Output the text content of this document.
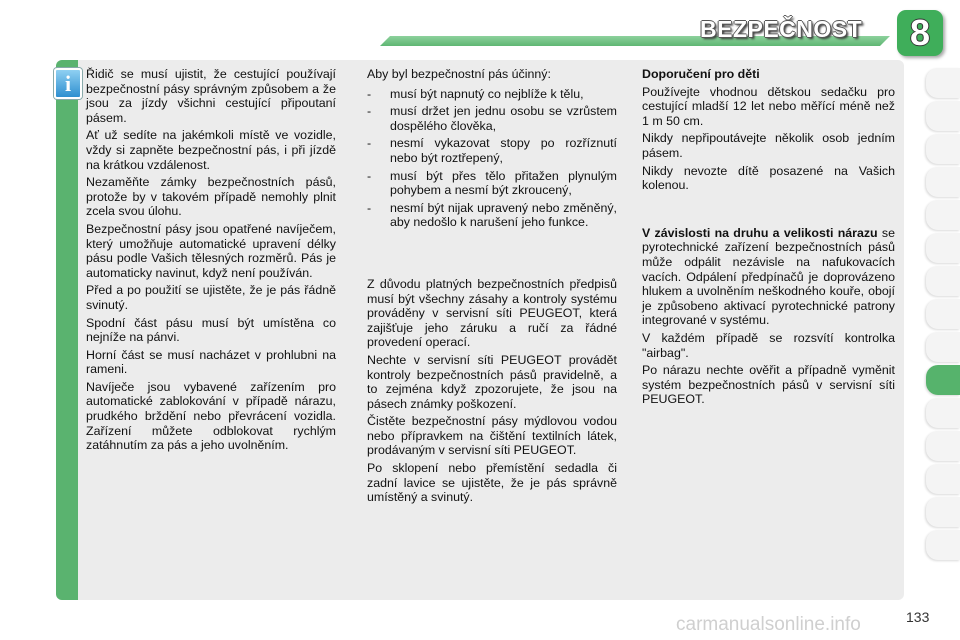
BEZPEČNOST	8
i	Řidič se musí ujistit, že cestující používají bezpečnostní pásy správným způsobem a že jsou za jízdy všichni cestující připoutaní pásem.

Ať už sedíte na jakémkoli místě ve vozidle, vždy si zapněte bezpečnostní pás, i při jízdě na krátkou vzdálenost.

Nezaměňte zámky bezpečnostních pásů, protože by v takovém případě nemohly plnit zcela svou úlohu.

Bezpečnostní pásy jsou opatřené navíječem, který umožňuje automatické upravení délky pásu podle Vašich tělesných rozměrů. Pás je automaticky navinut, když není používán.

Před a po použití se ujistěte, že je pás řádně svinutý.

Spodní část pásu musí být umístěna co nejníže na pánvi.

Horní část se musí nacházet v prohlubni na rameni.

Navíječe jsou vybavené zařízením pro automatické zablokování v případě nárazu, prudkého brždění nebo převrácení vozidla. Zařízení můžete odblokovat rychlým zatáhnutím za pás a jeho uvolněním.

Aby byl bezpečnostní pás účinný:

- musí být napnutý co nejblíže k tělu,
- musí držet jen jednu osobu se vzrůstem dospělého člověka,
- nesmí vykazovat stopy po rozříznutí nebo být roztřepený,
- musí být přes tělo přitažen plynulým pohybem a nesmí být zkroucený,
- nesmí být nijak upravený nebo změněný, aby nedošlo k narušení jeho funkce.

Z důvodu platných bezpečnostních předpisů musí být všechny zásahy a kontroly systému prováděny v servisní síti PEUGEOT, která zajišťuje jeho záruku a ručí za řádné provedení operací.

Nechte v servisní síti PEUGEOT provádět kontroly bezpečnostních pásů pravidelně, a to zejména když zpozorujete, že jsou na pásech známky poškození.

Čistěte bezpečnostní pásy mýdlovou vodou nebo přípravkem na čištění textilních látek, prodávaným v servisní síti PEUGEOT.

Po sklopení nebo přemístění sedadla či zadní lavice se ujistěte, že je pás správně umístěný a svinutý.

Doporučení pro děti

Používejte vhodnou dětskou sedačku pro cestující mladší 12 let nebo měřící méně než 1 m 50 cm.

Nikdy nepřipoutávejte několik osob jedním pásem.

Nikdy nevozte dítě posazené na Vašich kolenou.

V závislosti na druhu a velikosti nárazu se pyrotechnické zařízení bezpečnostních pásů může odpálit nezávisle na nafukovacích vacích. Odpálení předpínačů je doprovázeno hlukem a uvolněním neškodného kouře, obojí je způsobeno aktivací pyrotechnické patrony integrované v systému.

V každém případě se rozsvítí kontrolka "airbag".

Po nárazu nechte ověřit a případně vyměnit systém bezpečnostních pásů v servisní síti PEUGEOT.

carmanualsonline.info	133
